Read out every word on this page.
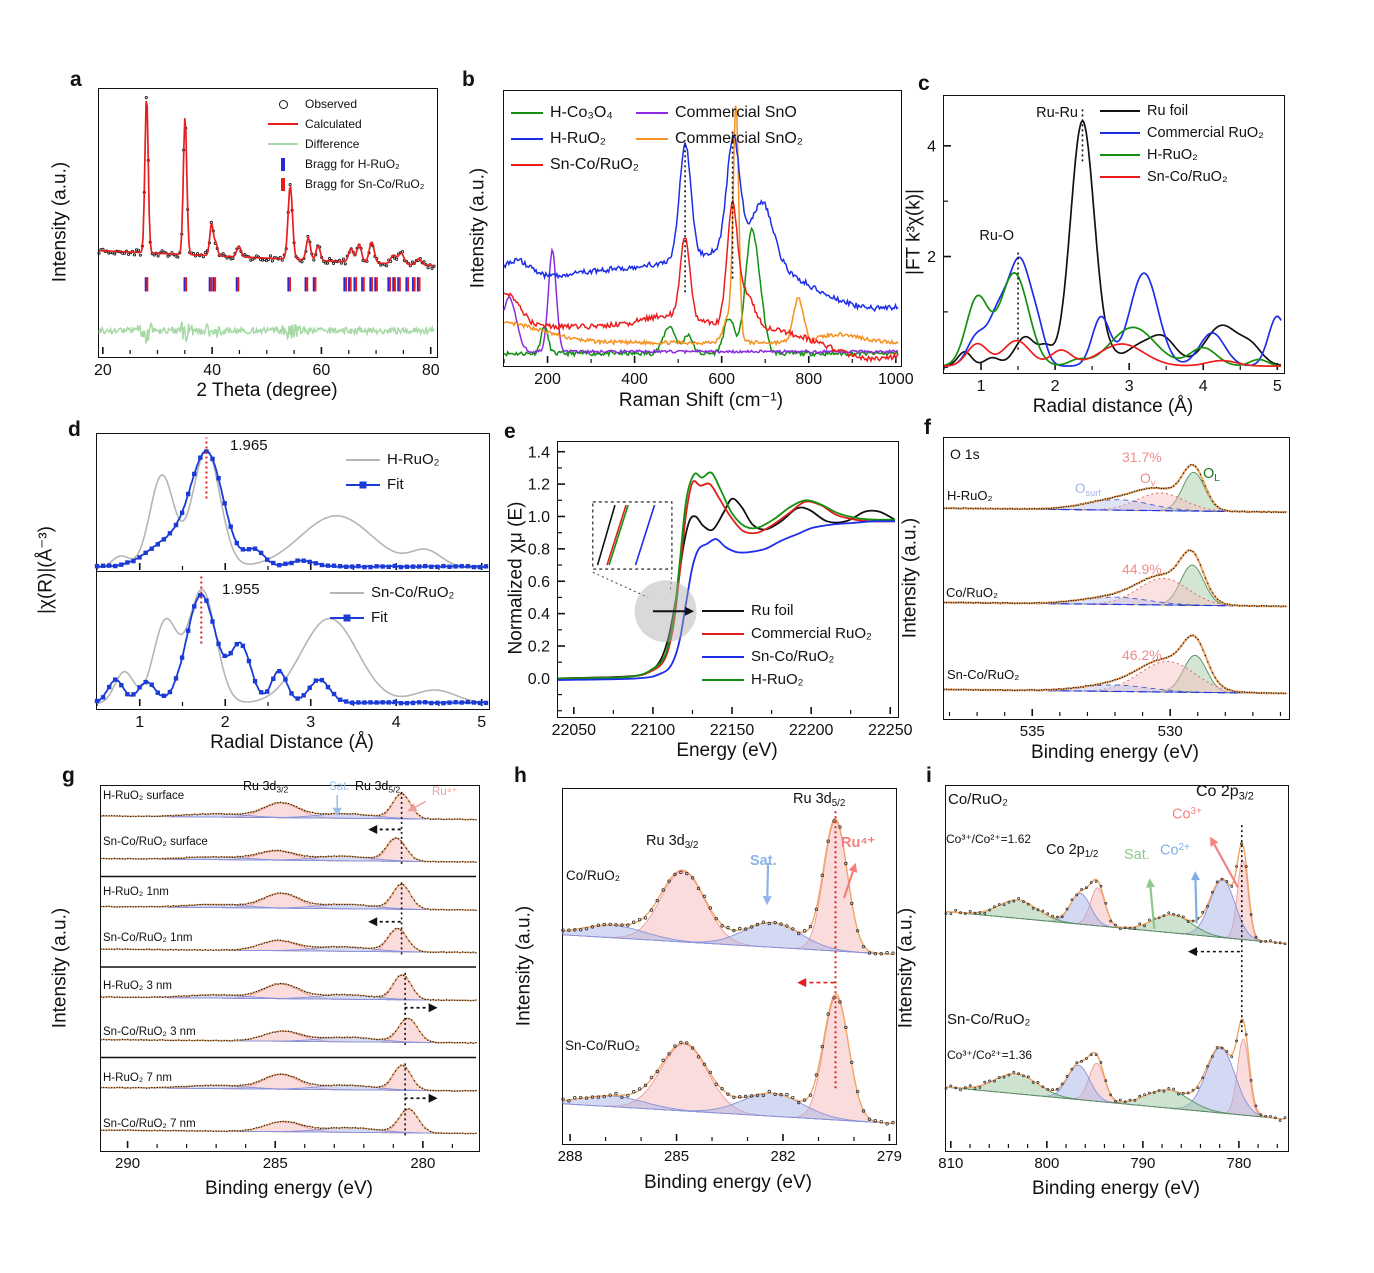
a	b	c
d	e	f
g	h	i
20	40	60	80
200	400	600	800	1000	1	2	3	4	5
2
4
1	2	3	4	5	22050 22100 22150 22200 22250
0.0
0.2
0.4
0.6
0.8
1.0
1.2
1.4
535	530
290	285	280	288	285	282	279 810	800	790	780
Intensity (a.u.)
2 Theta (degree)
Intensity (a.u.)
Raman Shift (cm⁻¹)
|FT k³χ(k)|
Radial distance (Å)
|χ(R)|(Å⁻³)
Radial Distance (Å)
Normalized χμ (E)
Energy (eV)
Intensity (a.u.)
Binding energy (eV)
Intensity (a.u.)
Binding energy (eV)
Intensity (a.u.)
Binding energy (eV)
Intensity (a.u.)
Binding energy (eV)
Observed
Calculated
Difference
Bragg for H-RuO₂
Bragg for Sn-Co/RuO₂
H-Co₃O₄
H-RuO₂
Sn-Co/RuO₂
Commercial SnO
Commercial SnO₂
Ru foil
Commercial RuO₂
H-RuO₂
Sn-Co/RuO₂
Ru-Ru
Ru-O
H-RuO₂
Fit
Sn-Co/RuO₂
Fit
1.965
1.955
Ru foil
Commercial RuO₂
Sn-Co/RuO₂
H-RuO₂
O 1s
$O_{surf}$
31.7%
$O_v$
$O_L$
H-RuO₂
44.9%
Co/RuO₂
46.2%
Sn-Co/RuO₂
Ru $3d_{3/2}$	Sat. Ru $3d_{5/2}$	Ru⁴⁺
H-RuO₂ surface
Sn-Co/RuO₂ surface
H-RuO₂ 1nm
Sn-Co/RuO₂ 1nm
H-RuO₂ 3 nm
Sn-Co/RuO₂ 3 nm
H-RuO₂ 7 nm
Sn-Co/RuO₂ 7 nm
Co/RuO₂
Sn-Co/RuO₂
Ru $3d_{5/2}$
Ru $3d_{3/2}$
Sat.
Ru⁴⁺
Co/RuO₂
Co³⁺/Co²⁺=1.62
Sn-Co/RuO₂
Co³⁺/Co²⁺=1.36
Co $2p_{3/2}$
$Co^{3+}$
Co $2p_{1/2}$ Sat. $Co^{2+}$
